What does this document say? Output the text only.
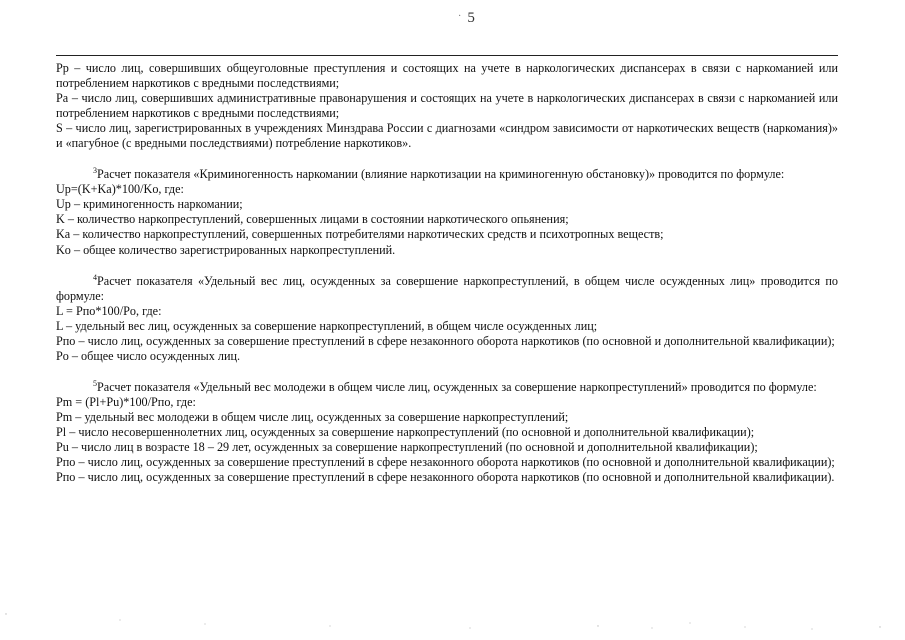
· 5

Pр – число лиц, совершивших общеуголовные преступления и состоящих на учете в наркологических диспансерах в связи с наркоманией или потреблением наркотиков с вредными последствиями;

Pа – число лиц, совершивших административные правонарушения и состоящих на учете в наркологических диспансерах в связи с наркоманией или потреблением наркотиков с вредными последствиями;

S – число лиц, зарегистрированных в учреждениях Минздрава России с диагнозами «синдром зависимости от наркотических веществ (наркомания)» и «пагубное (с вредными последствиями) потребление наркотиков».

$^3$Расчет показателя «Криминогенность наркомании (влияние наркотизации на криминогенную обстановку)» проводится по формуле:

Uр=(K+Kа)*100/Kо, где:

Uр – криминогенность наркомании;

K – количество наркопреступлений, совершенных лицами в состоянии наркотического опьянения;

Kа – количество наркопреступлений, совершенных потребителями наркотических средств и психотропных веществ;

Kо – общее количество зарегистрированных наркопреступлений.

$^4$Расчет показателя «Удельный вес лиц, осужденных за совершение наркопреступлений, в общем числе осужденных лиц» проводится по формуле:

L = Pпо*100/Pо, где:

L – удельный вес лиц, осужденных за совершение наркопреступлений, в общем числе осужденных лиц;

Pпо – число лиц, осужденных за совершение преступлений в сфере незаконного оборота наркотиков (по основной и дополнительной квалификации);

Pо – общее число осужденных лиц.

$^5$Расчет показателя «Удельный вес молодежи в общем числе лиц, осужденных за совершение наркопреступлений» проводится по формуле:

Pm = (Pl+Pu)*100/Pпо, где:

Pm – удельный вес молодежи в общем числе лиц, осужденных за совершение наркопреступлений;

Pl – число несовершеннолетних лиц, осужденных за совершение наркопреступлений (по основной и дополнительной квалификации);

Pu – число лиц в возрасте 18 – 29 лет, осужденных за совершение наркопреступлений (по основной и дополнительной квалификации);

Pпо – число лиц, осужденных за совершение преступлений в сфере незаконного оборота наркотиков (по основной и дополнительной квалификации);

Pпо – число лиц, осужденных за совершение преступлений в сфере незаконного оборота наркотиков (по основной и дополнительной квалификации).
